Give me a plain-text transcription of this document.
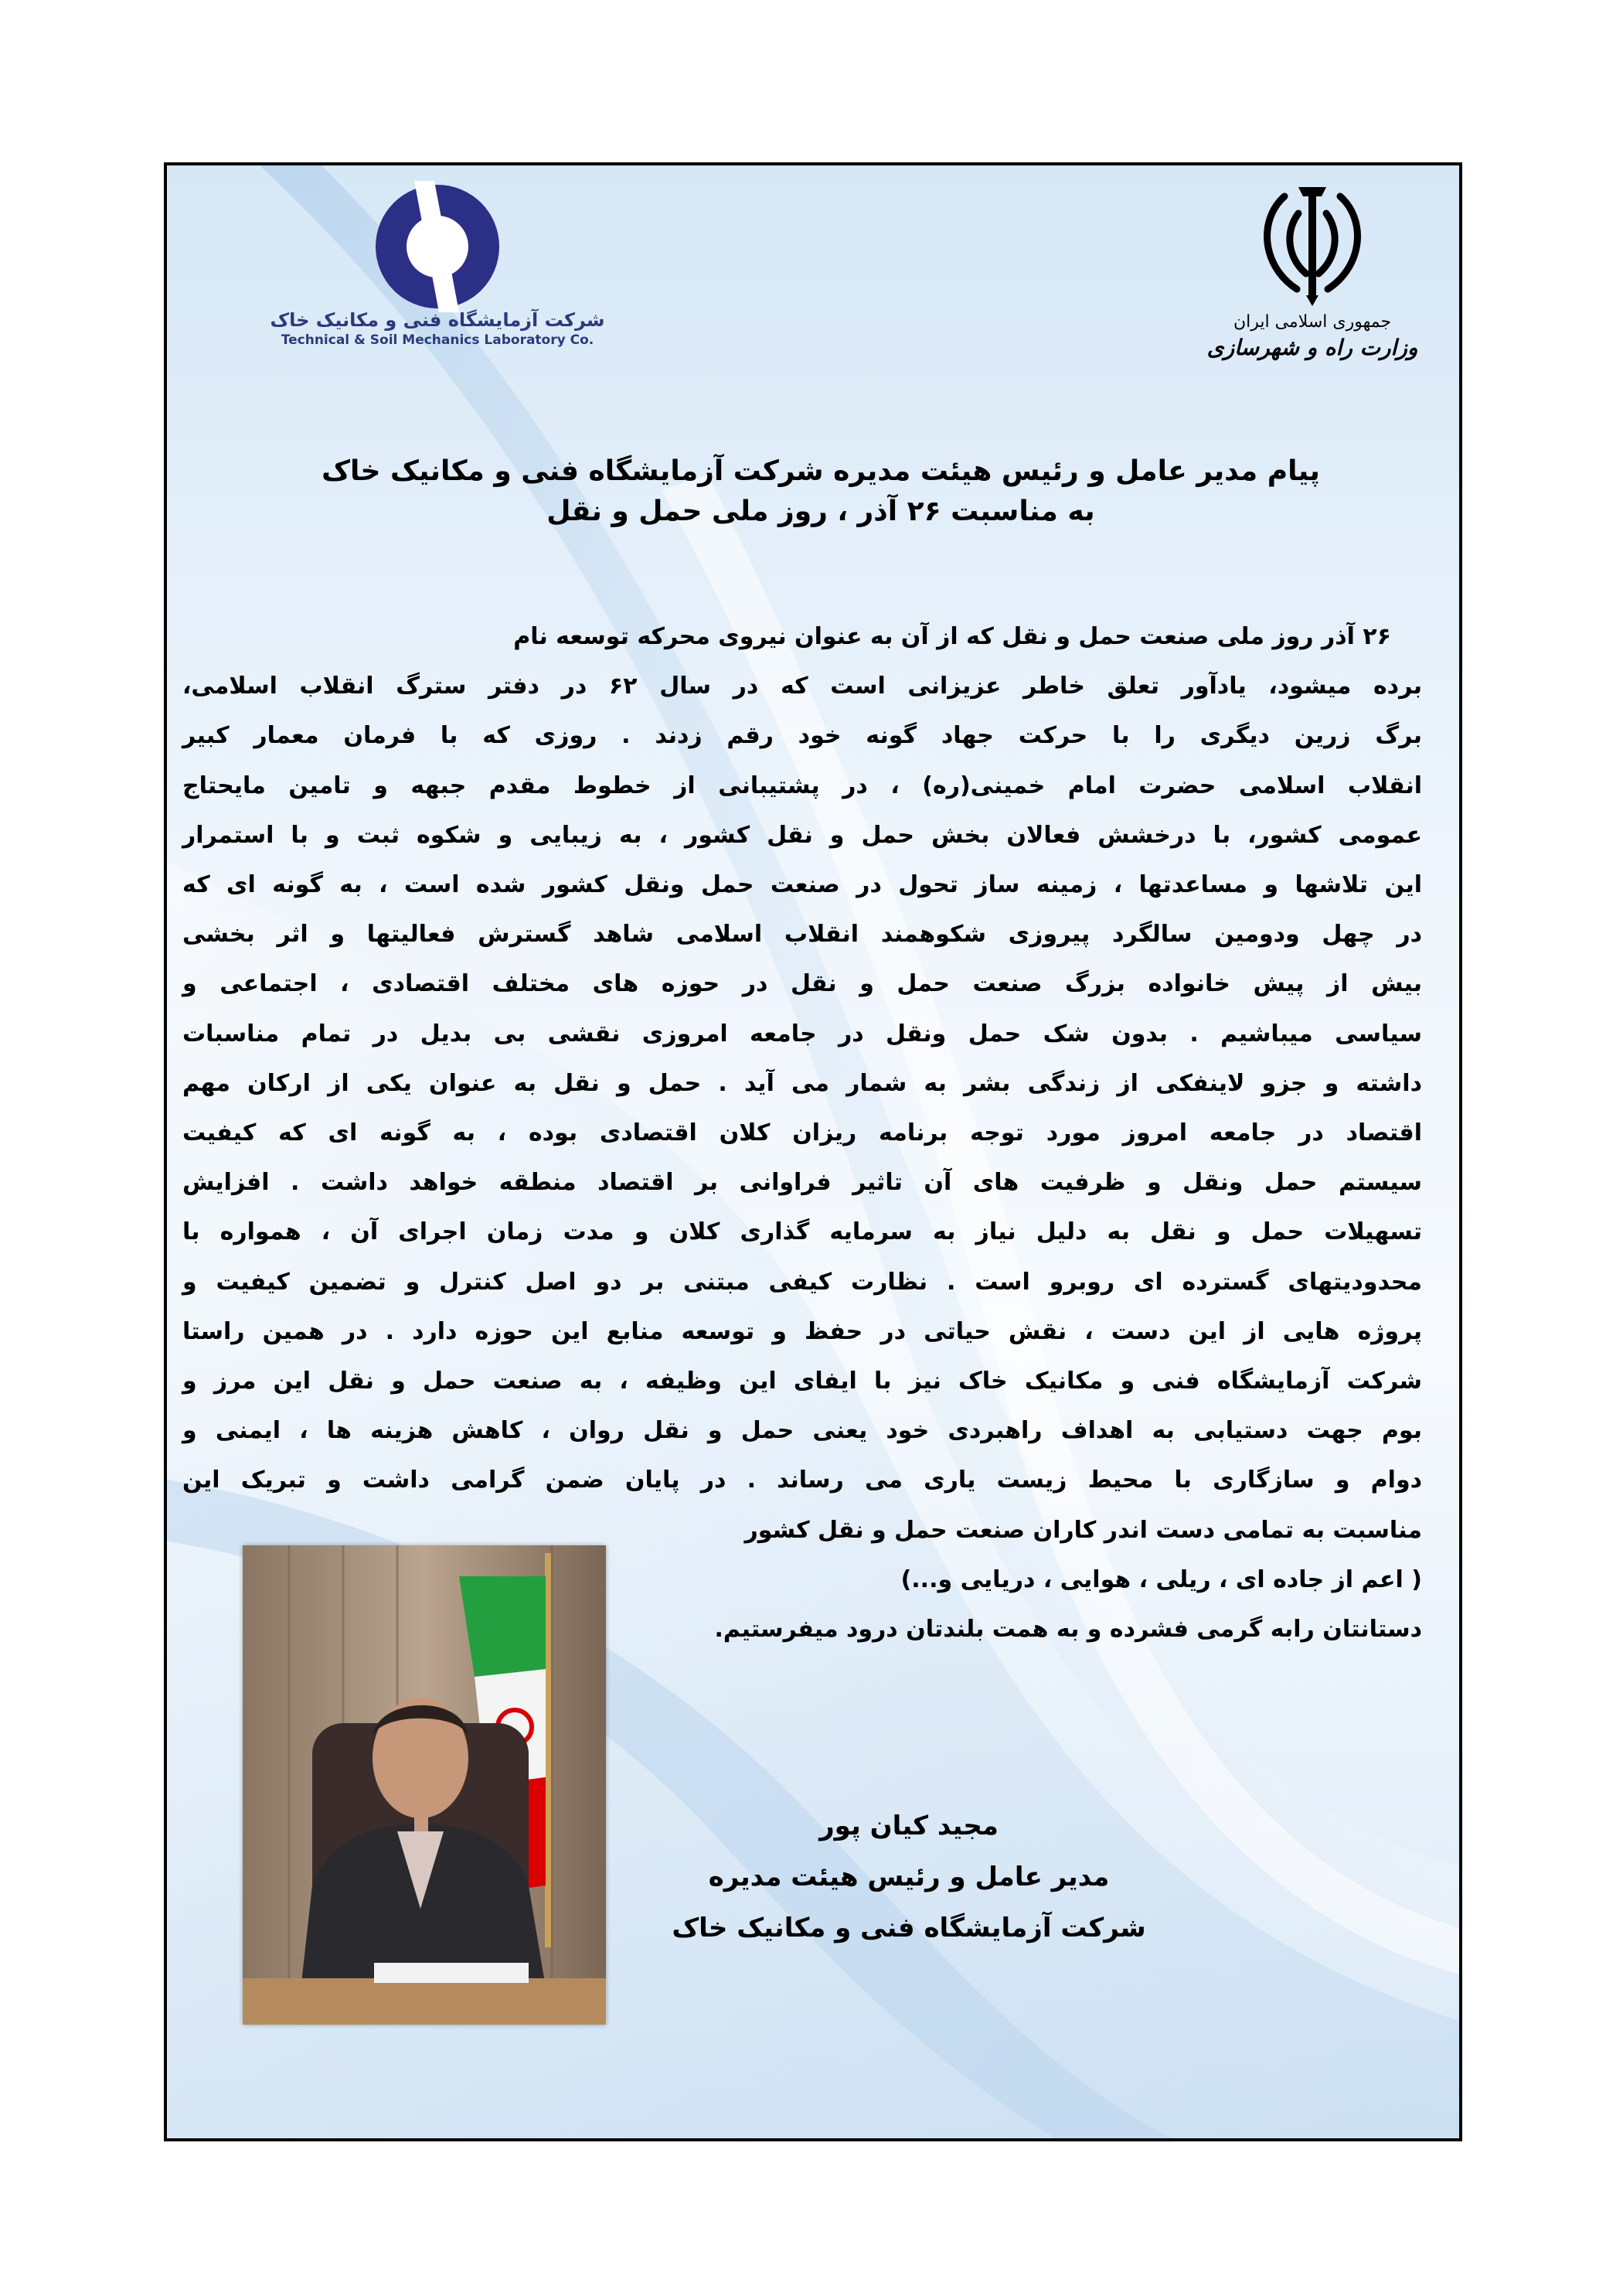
شرکت آزمایشگاه فنی و مکانیک خاک
Technical & Soil Mechanics Laboratory Co.
جمهوری اسلامی ایران
وزارت راه و شهرسازی
پیام مدیر عامل و رئیس هیئت مدیره شرکت آزمایشگاه فنی و مکانیک خاک
به مناسبت ۲۶ آذر ، روز ملی حمل و نقل
۲۶ آذر روز ملی صنعت حمل و نقل که از آن به عنوان نیروی محرکه توسعه نام
برده میشود، یادآور تعلق خاطر عزیزانی است که در سال ۶۲ در دفتر سترگ انقلاب اسلامی،
برگ زرین دیگری را با حرکت جهاد گونه خود رقم زدند . روزی که با فرمان معمار کبیر
انقلاب اسلامی حضرت امام خمینی(ره) ، در پشتیبانی از خطوط مقدم جبهه و تامین مایحتاج
عمومی کشور، با درخشش فعالان بخش حمل و نقل کشور ، به زیبایی و شکوه ثبت و با استمرار
این تلاشها و مساعدتها ، زمینه ساز تحول در صنعت حمل ونقل کشور شده است ، به گونه ای که
در چهل ودومین سالگرد پیروزی شکوهمند انقلاب اسلامی شاهد گسترش فعالیتها و اثر بخشی
بیش از پیش خانواده بزرگ صنعت حمل و نقل در حوزه های مختلف اقتصادی ، اجتماعی و
سیاسی میباشیم . بدون شک حمل ونقل در جامعه امروزی نقشی بی بدیل در تمام مناسبات
داشته و جزو لاینفکی از زندگی بشر به شمار می آید . حمل و نقل به عنوان یکی از ارکان مهم
اقتصاد در جامعه امروز مورد توجه برنامه ریزان کلان اقتصادی بوده ، به گونه ای که کیفیت
سیستم حمل ونقل و ظرفیت های آن تاثیر فراوانی بر اقتصاد منطقه خواهد داشت . افزایش
تسهیلات حمل و نقل به دلیل نیاز به سرمایه گذاری کلان و مدت زمان اجرای آن ، همواره با
محدودیتهای گسترده ای روبرو است . نظارت کیفی مبتنی بر دو اصل کنترل و تضمین کیفیت و
پروژه هایی از این دست ، نقش حیاتی در حفظ و توسعه منابع این حوزه دارد . در همین راستا
شرکت آزمایشگاه فنی و مکانیک خاک نیز با ایفای این وظیفه ، به صنعت حمل و نقل این مرز و
بوم جهت دستیابی به اهداف راهبردی خود یعنی حمل و نقل روان ، کاهش هزینه ها ، ایمنی و
دوام و سازگاری با محیط زیست یاری می رساند . در پایان ضمن گرامی داشت و تبریک این
مناسبت به تمامی دست اندر کاران صنعت حمل و نقل کشور
( اعم از جاده ای ، ریلی ، هوایی ، دریایی و...)
دستانتان رابه گرمی فشرده و به همت بلندتان درود میفرستیم.
مجید کیان پور
مدیر عامل و رئیس هیئت مدیره
شرکت آزمایشگاه فنی و مکانیک خاک
